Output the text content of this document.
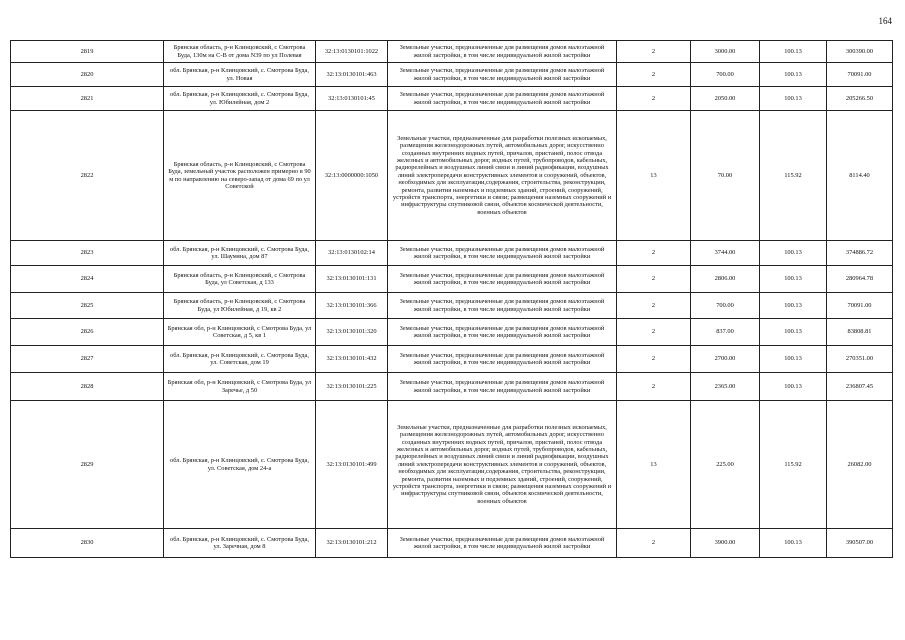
164
2819	Брянская область, р-н Клинцовский, с Смотрова Буда, 130м на С-В от дома N39 по ул Полевая	32:13:0130101:1022	Земельные участки, предназначенные для размещения домов малоэтажной жилой застройки, в том числе индивидуальной жилой застройки	2	3000.00	100.13	300390.00
2820	обл. Брянская, р-н Клинцовский, с. Смотрова Буда, ул. Новая	32:13:0130101:463	Земельные участки, предназначенные для размещения домов малоэтажной жилой застройки, в том числе индивидуальной жилой застройки	2	700.00	100.13	70091.00
2821	обл. Брянская, р-н Клинцовский, с. Смотрова Буда, ул. Юбилейная, дом 2	32:13:0130101:45	Земельные участки, предназначенные для размещения домов малоэтажной жилой застройки, в том числе индивидуальной жилой застройки	2	2050.00	100.13	205266.50
2822	Брянская область, р-н Клинцовский, с Смотрова Буда, земельный участок расположен примерно в 90 м по направлению на северо-запад от дома 69 по ул Советской	32:13:0000000:1050	Земельные участки, предназначенные для разработки полезных ископаемых, размещения железнодорожных путей, автомобильных дорог, искусственно созданных внутренних водных путей, причалов, пристаней, полос отвода железных и автомобильных дорог, водных путей, трубопроводов, кабельных, радиорелейных и воздушных линий связи и линий радиофикации, воздушных линий электропередачи конструктивных элементов и сооружений, объектов, необходимых для эксплуатации,содержания, строительства, реконструкции, ремонта, развития наземных и подземных зданий, строений, сооружений, устройств транспорта, энергетики и связи; размещения наземных сооружений и инфраструктуры спутниковой связи, объектов космической деятельности, военных объектов	13	70.00	115.92	8114.40
2823	обл. Брянская, р-н Клинцовский, с. Смотрова Буда, ул. Шаумяна, дом 87	32:13:0130102:14	Земельные участки, предназначенные для размещения домов малоэтажной жилой застройки, в том числе индивидуальной жилой застройки	2	3744.00	100.13	374886.72
2824	Брянская область, р-н Клинцовский, с Смотрова Буда, ул Советская, д 133	32:13:0130101:131	Земельные участки, предназначенные для размещения домов малоэтажной жилой застройки, в том числе индивидуальной жилой застройки	2	2806.00	100.13	280964.78
2825	Брянская область, р-н Клинцовский, с Смотрова Буда, ул Юбилейная, д 19, кв 2	32:13:0130101:366	Земельные участки, предназначенные для размещения домов малоэтажной жилой застройки, в том числе индивидуальной жилой застройки	2	700.00	100.13	70091.00
2826	Брянская обл, р-н Клинцовский, с Смотрова Буда, ул Советская, д 5, кв 1	32:13:0130101:320	Земельные участки, предназначенные для размещения домов малоэтажной жилой застройки, в том числе индивидуальной жилой застройки	2	837.00	100.13	83808.81
2827	обл. Брянская, р-н Клинцовский, с. Смотрова Буда, ул. Советская, дом 19	32:13:0130101:432	Земельные участки, предназначенные для размещения домов малоэтажной жилой застройки, в том числе индивидуальной жилой застройки	2	2700.00	100.13	270351.00
2828	Брянская обл, р-н Клинцовский, с Смотрова Буда, ул Заречье, д 50	32:13:0130101:225	Земельные участки, предназначенные для размещения домов малоэтажной жилой застройки, в том числе индивидуальной жилой застройки	2	2365.00	100.13	236807.45
2829	обл. Брянская, р-н Клинцовский, с. Смотрова Буда, ул. Советская, дом 24-а	32:13:0130101:499	Земельные участки, предназначенные для разработки полезных ископаемых, размещения железнодорожных путей, автомобильных дорог, искусственно созданных внутренних водных путей, причалов, пристаней, полос отвода железных и автомобильных дорог, водных путей, трубопроводов, кабельных, радиорелейных и воздушных линий связи и линий радиофикации, воздушных линий электропередачи конструктивных элементов и сооружений, объектов, необходимых для эксплуатации,содержания, строительства, реконструкции, ремонта, развития наземных и подземных зданий, строений, сооружений, устройств транспорта, энергетики и связи; размещения наземных сооружений и инфраструктуры спутниковой связи, объектов космической деятельности, военных объектов	13	225.00	115.92	26082.00
2830	обл. Брянская, р-н Клинцовский, с. Смотрова Буда, ул. Заречная, дом 8	32:13:0130101:212	Земельные участки, предназначенные для размещения домов малоэтажной жилой застройки, в том числе индивидуальной жилой застройки	2	3900.00	100.13	390507.00
